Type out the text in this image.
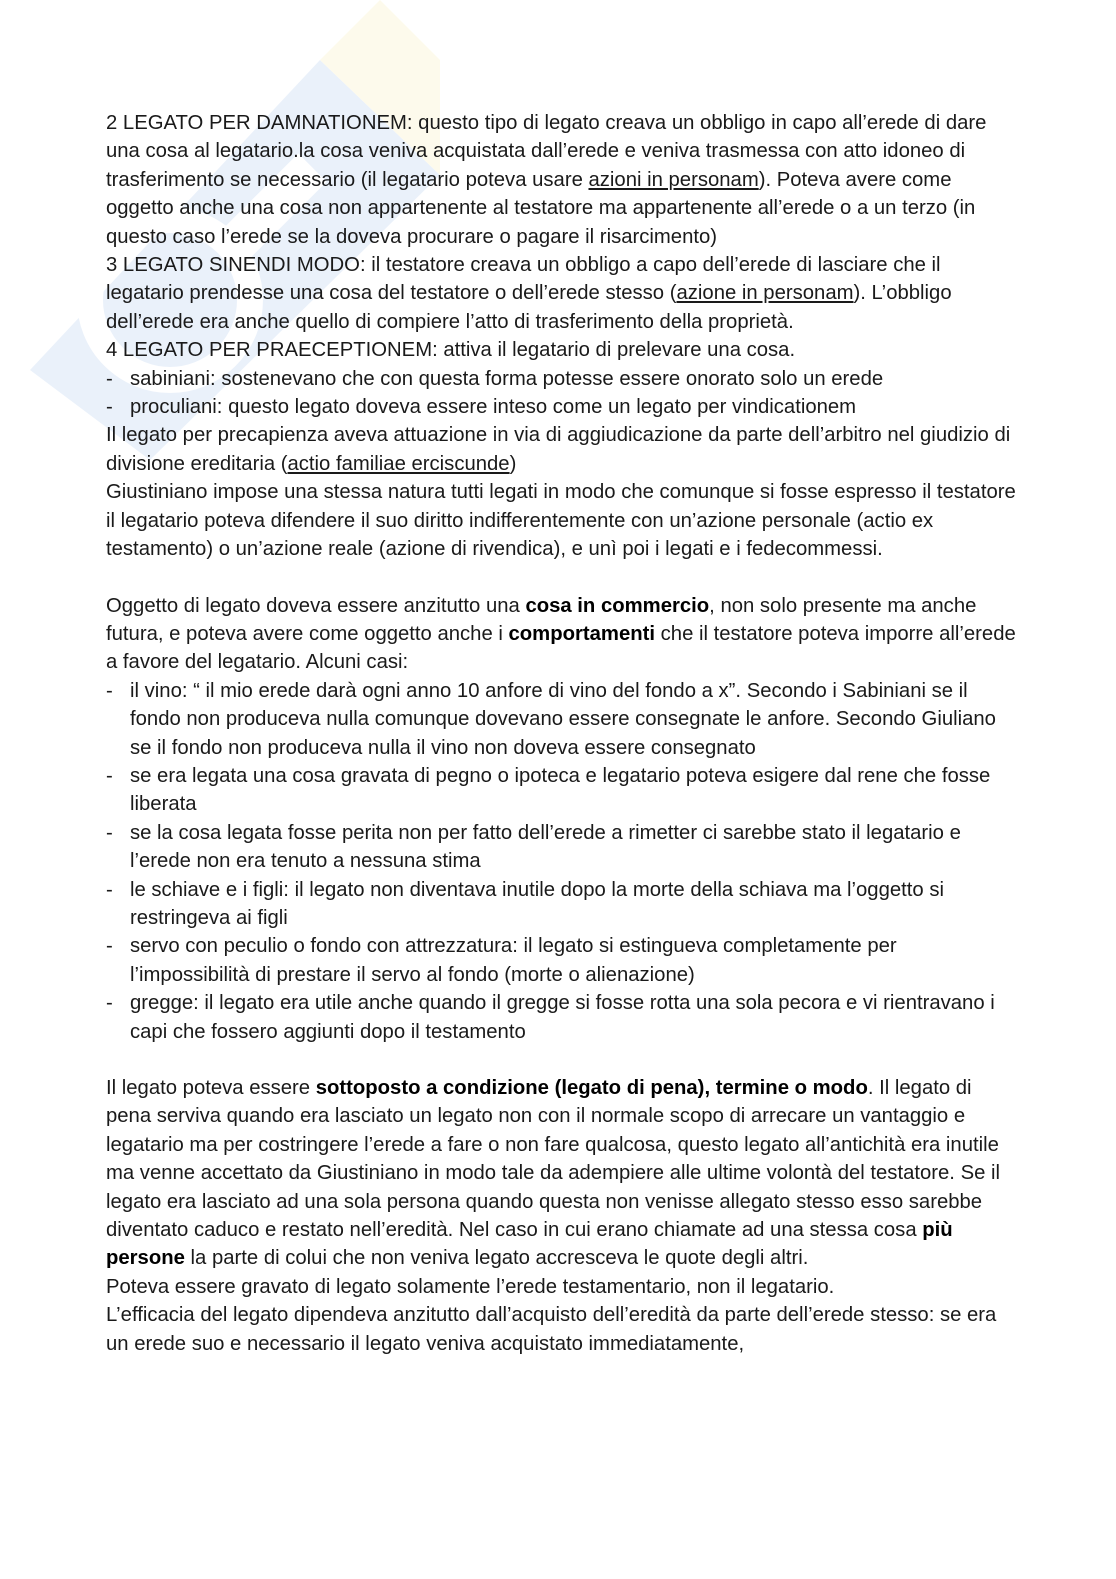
2 LEGATO PER DAMNATIONEM: questo tipo di legato creava un obbligo in capo all’erede di dare una cosa al legatario.la cosa veniva acquistata dall’erede e veniva trasmessa con atto idoneo di trasferimento se necessario (il legatario poteva usare azioni in personam). Poteva avere come oggetto anche una cosa non appartenente al testatore ma appartenente all’erede o a un terzo (in questo caso l’erede se la doveva procurare o pagare il risarcimento)

3 LEGATO SINENDI MODO: il testatore creava un obbligo a capo dell’erede di lasciare che il legatario prendesse una cosa del testatore o dell’erede stesso (azione in personam). L’obbligo dell’erede era anche quello di compiere l’atto di trasferimento della proprietà.

4 LEGATO PER PRAECEPTIONEM: attiva il legatario di prelevare una cosa.

- sabiniani: sostenevano che con questa forma potesse essere onorato solo un erede
- proculiani: questo legato doveva essere inteso come un legato per vindicationem

Il legato per precapienza aveva attuazione in via di aggiudicazione da parte dell’arbitro nel giudizio di divisione ereditaria (actio familiae erciscunde)

Giustiniano impose una stessa natura tutti legati in modo che comunque si fosse espresso il testatore il legatario poteva difendere il suo diritto indifferentemente con un’azione personale (actio ex testamento) o un’azione reale (azione di rivendica), e unì poi i legati e i fedecommessi.

Oggetto di legato doveva essere anzitutto una cosa in commercio, non solo presente ma anche futura, e poteva avere come oggetto anche i comportamenti che il testatore poteva imporre all’erede a favore del legatario. Alcuni casi:

- il vino: “ il mio erede darà ogni anno 10 anfore di vino del fondo a x”. Secondo i Sabiniani se il fondo non produceva nulla comunque dovevano essere consegnate le anfore. Secondo Giuliano se il fondo non produceva nulla il vino non doveva essere consegnato
- se era legata una cosa gravata di pegno o ipoteca e legatario poteva esigere dal rene che fosse liberata
- se la cosa legata fosse perita non per fatto dell’erede a rimetter ci sarebbe stato il legatario e l’erede non era tenuto a nessuna stima
- le schiave e i figli: il legato non diventava inutile dopo la morte della schiava ma l’oggetto si restringeva ai figli
- servo con peculio o fondo con attrezzatura: il legato si estingueva completamente per l’impossibilità di prestare il servo al fondo (morte o alienazione)
- gregge: il legato era utile anche quando il gregge si fosse rotta una sola pecora e vi rientravano i capi che fossero aggiunti dopo il testamento

Il legato poteva essere sottoposto a condizione (legato di pena), termine o modo. Il legato di pena serviva quando era lasciato un legato non con il normale scopo di arrecare un vantaggio e legatario ma per costringere l’erede a fare o non fare qualcosa, questo legato all’antichità era inutile ma venne accettato da Giustiniano in modo tale da adempiere alle ultime volontà del testatore. Se il legato era lasciato ad una sola persona quando questa non venisse allegato stesso esso sarebbe diventato caduco e restato nell’eredità. Nel caso in cui erano chiamate ad una stessa cosa più persone la parte di colui che non veniva legato accresceva le quote degli altri.

Poteva essere gravato di legato solamente l’erede testamentario, non il legatario.

L’efficacia del legato dipendeva anzitutto dall’acquisto dell’eredità da parte dell’erede stesso: se era un erede suo e necessario il legato veniva acquistato immediatamente,
